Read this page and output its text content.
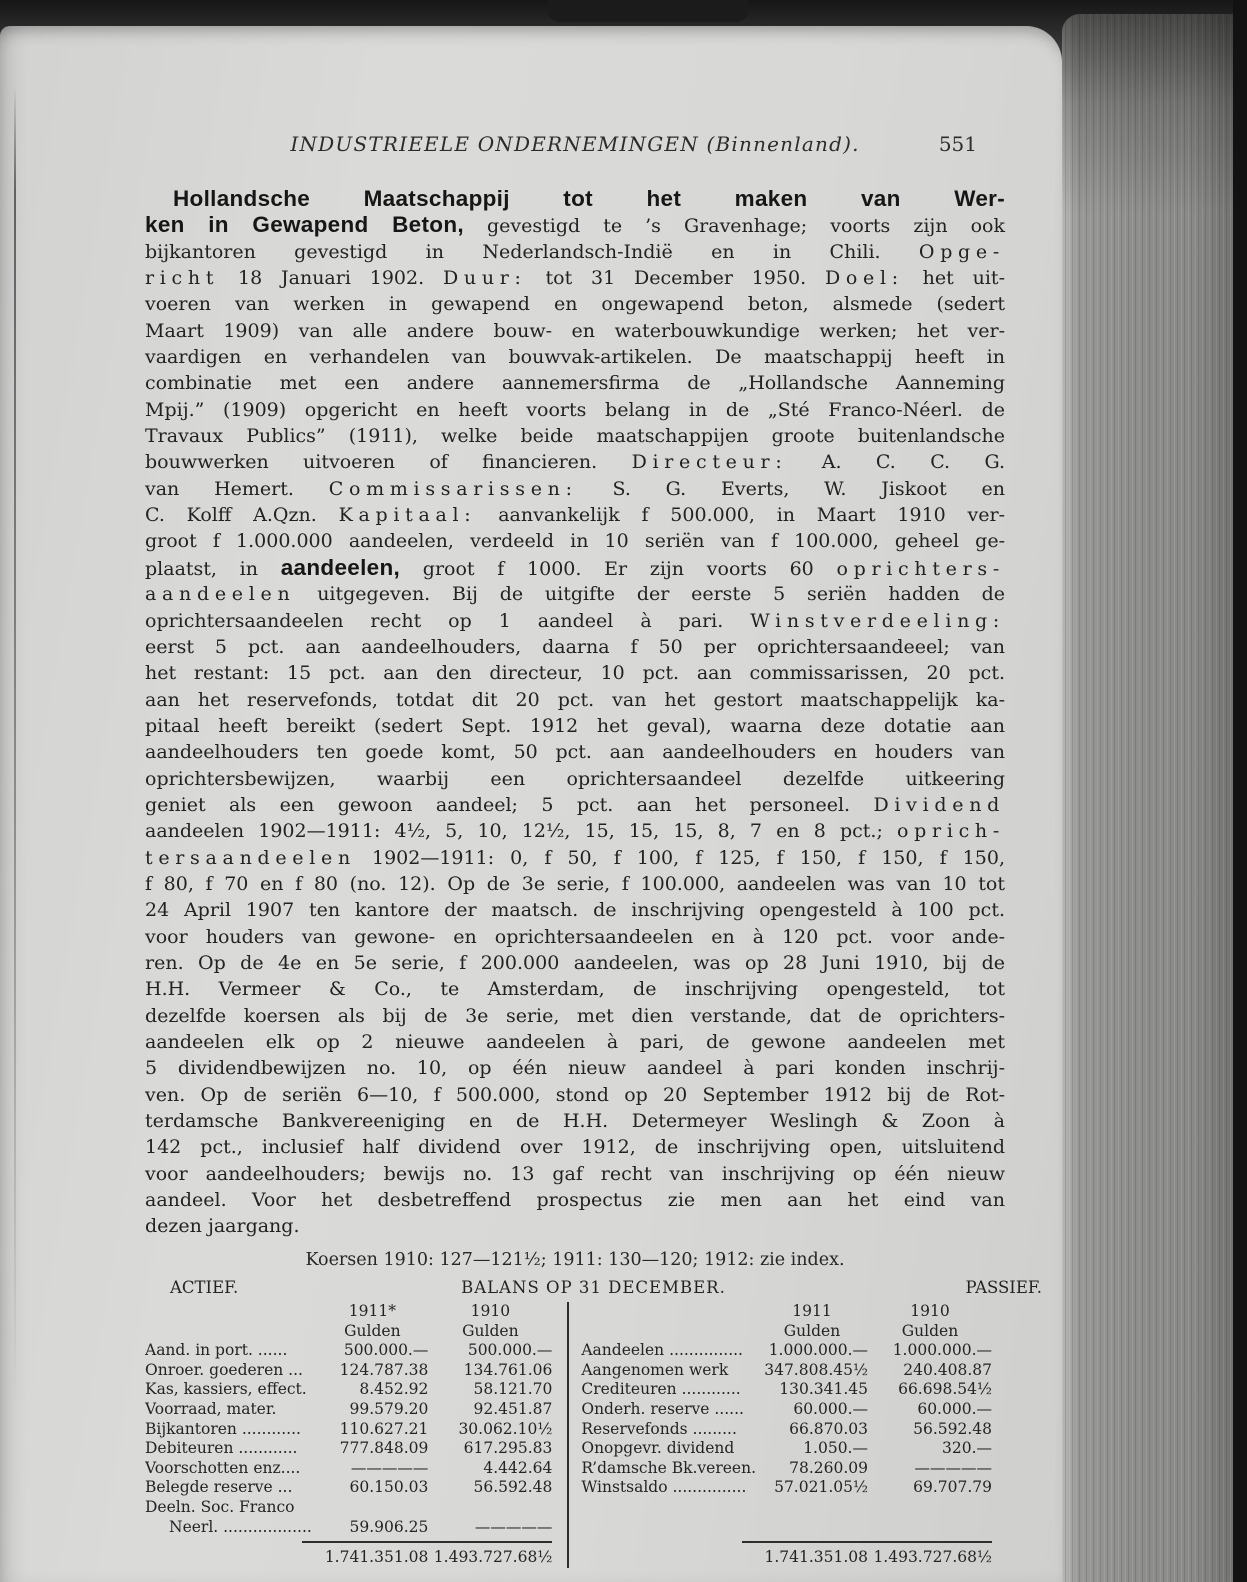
INDUSTRIEELE ONDERNEMINGEN (Binnenland).	551
Hollandsche Maatschappij tot het maken van Wer-
ken in Gewapend Beton, gevestigd te ’s Gravenhage; voorts zijn ook
bijkantoren gevestigd in Nederlandsch-Indië en in Chili. Opge-
richt 18 Januari 1902. Duur: tot 31 December 1950. Doel: het uit-
voeren van werken in gewapend en ongewapend beton, alsmede (sedert
Maart 1909) van alle andere bouw- en waterbouwkundige werken; het ver-
vaardigen en verhandelen van bouwvak-artikelen. De maatschappij heeft in
combinatie met een andere aannemersfirma de „Hollandsche Aanneming
Mpij.” (1909) opgericht en heeft voorts belang in de „Sté Franco-Néerl. de
Travaux Publics” (1911), welke beide maatschappijen groote buitenlandsche
bouwwerken uitvoeren of financieren. Directeur: A. C. C. G.
van Hemert. Commissarissen: S. G. Everts, W. Jiskoot en
C. Kolff A.Qzn. Kapitaal: aanvankelijk f 500.000, in Maart 1910 ver-
groot f 1.000.000 aandeelen, verdeeld in 10 seriën van f 100.000, geheel ge-
plaatst, in aandeelen, groot f 1000. Er zijn voorts 60 oprichters-
aandeelen uitgegeven. Bij de uitgifte der eerste 5 seriën hadden de
oprichtersaandeelen recht op 1 aandeel à pari. Winstverdeeling:
eerst 5 pct. aan aandeelhouders, daarna f 50 per oprichtersaandeeel; van
het restant: 15 pct. aan den directeur, 10 pct. aan commissarissen, 20 pct.
aan het reservefonds, totdat dit 20 pct. van het gestort maatschappelijk ka-
pitaal heeft bereikt (sedert Sept. 1912 het geval), waarna deze dotatie aan
aandeelhouders ten goede komt, 50 pct. aan aandeelhouders en houders van
oprichtersbewijzen, waarbij een oprichtersaandeel dezelfde uitkeering
geniet als een gewoon aandeel; 5 pct. aan het personeel. Dividend
aandeelen 1902—1911: 4½, 5, 10, 12½, 15, 15, 15, 8, 7 en 8 pct.; oprich-
tersaandeelen 1902—1911: 0, f 50, f 100, f 125, f 150, f 150, f 150,
f 80, f 70 en f 80 (no. 12). Op de 3e serie, f 100.000, aandeelen was van 10 tot
24 April 1907 ten kantore der maatsch. de inschrijving opengesteld à 100 pct.
voor houders van gewone- en oprichtersaandeelen en à 120 pct. voor ande-
ren. Op de 4e en 5e serie, f 200.000 aandeelen, was op 28 Juni 1910, bij de
H.H. Vermeer & Co., te Amsterdam, de inschrijving opengesteld, tot
dezelfde koersen als bij de 3e serie, met dien verstande, dat de oprichters-
aandeelen elk op 2 nieuwe aandeelen à pari, de gewone aandeelen met
5 dividendbewijzen no. 10, op één nieuw aandeel à pari konden inschrij-
ven. Op de seriën 6—10, f 500.000, stond op 20 September 1912 bij de Rot-
terdamsche Bankvereeniging en de H.H. Determeyer Weslingh & Zoon à
142 pct., inclusief half dividend over 1912, de inschrijving open, uitsluitend
voor aandeelhouders; bewijs no. 13 gaf recht van inschrijving op één nieuw
aandeel. Voor het desbetreffend prospectus zie men aan het eind van
dezen jaargang.
Koersen 1910: 127—121½; 1911: 130—120; 1912: zie index.
ACTIEF.	BALANS OP 31 DECEMBER.	PASSIEF.
1911*	1910
Gulden	Gulden
Aand. in port. ......	500.000.—	500.000.—
Onroer. goederen ...	124.787.38	134.761.06
Kas, kassiers, effect.	8.452.92	58.121.70
Voorraad, mater.	99.579.20	92.451.87
Bijkantoren ............	110.627.21	30.062.10½
Debiteuren ............	777.848.09	617.295.83
Voorschotten enz....	—————	4.442.64
Belegde reserve ...	60.150.03	56.592.48
Deeln. Soc. Franco
Neerl. ..................	59.906.25	—————
1.741.351.08 1.493.727.68½
1911	1910
Gulden	Gulden
Aandeelen ...............	1.000.000.—	1.000.000.—
Aangenomen werk	347.808.45½	240.408.87
Crediteuren ............	130.341.45	66.698.54½
Onderh. reserve ......	60.000.—	60.000.—
Reservefonds .........	66.870.03	56.592.48
Onopgevr. dividend	1.050.—	320.—
R’damsche Bk.vereen.	78.260.09	—————
Winstsaldo ...............	57.021.05½	69.707.79
1.741.351.08 1.493.727.68½
